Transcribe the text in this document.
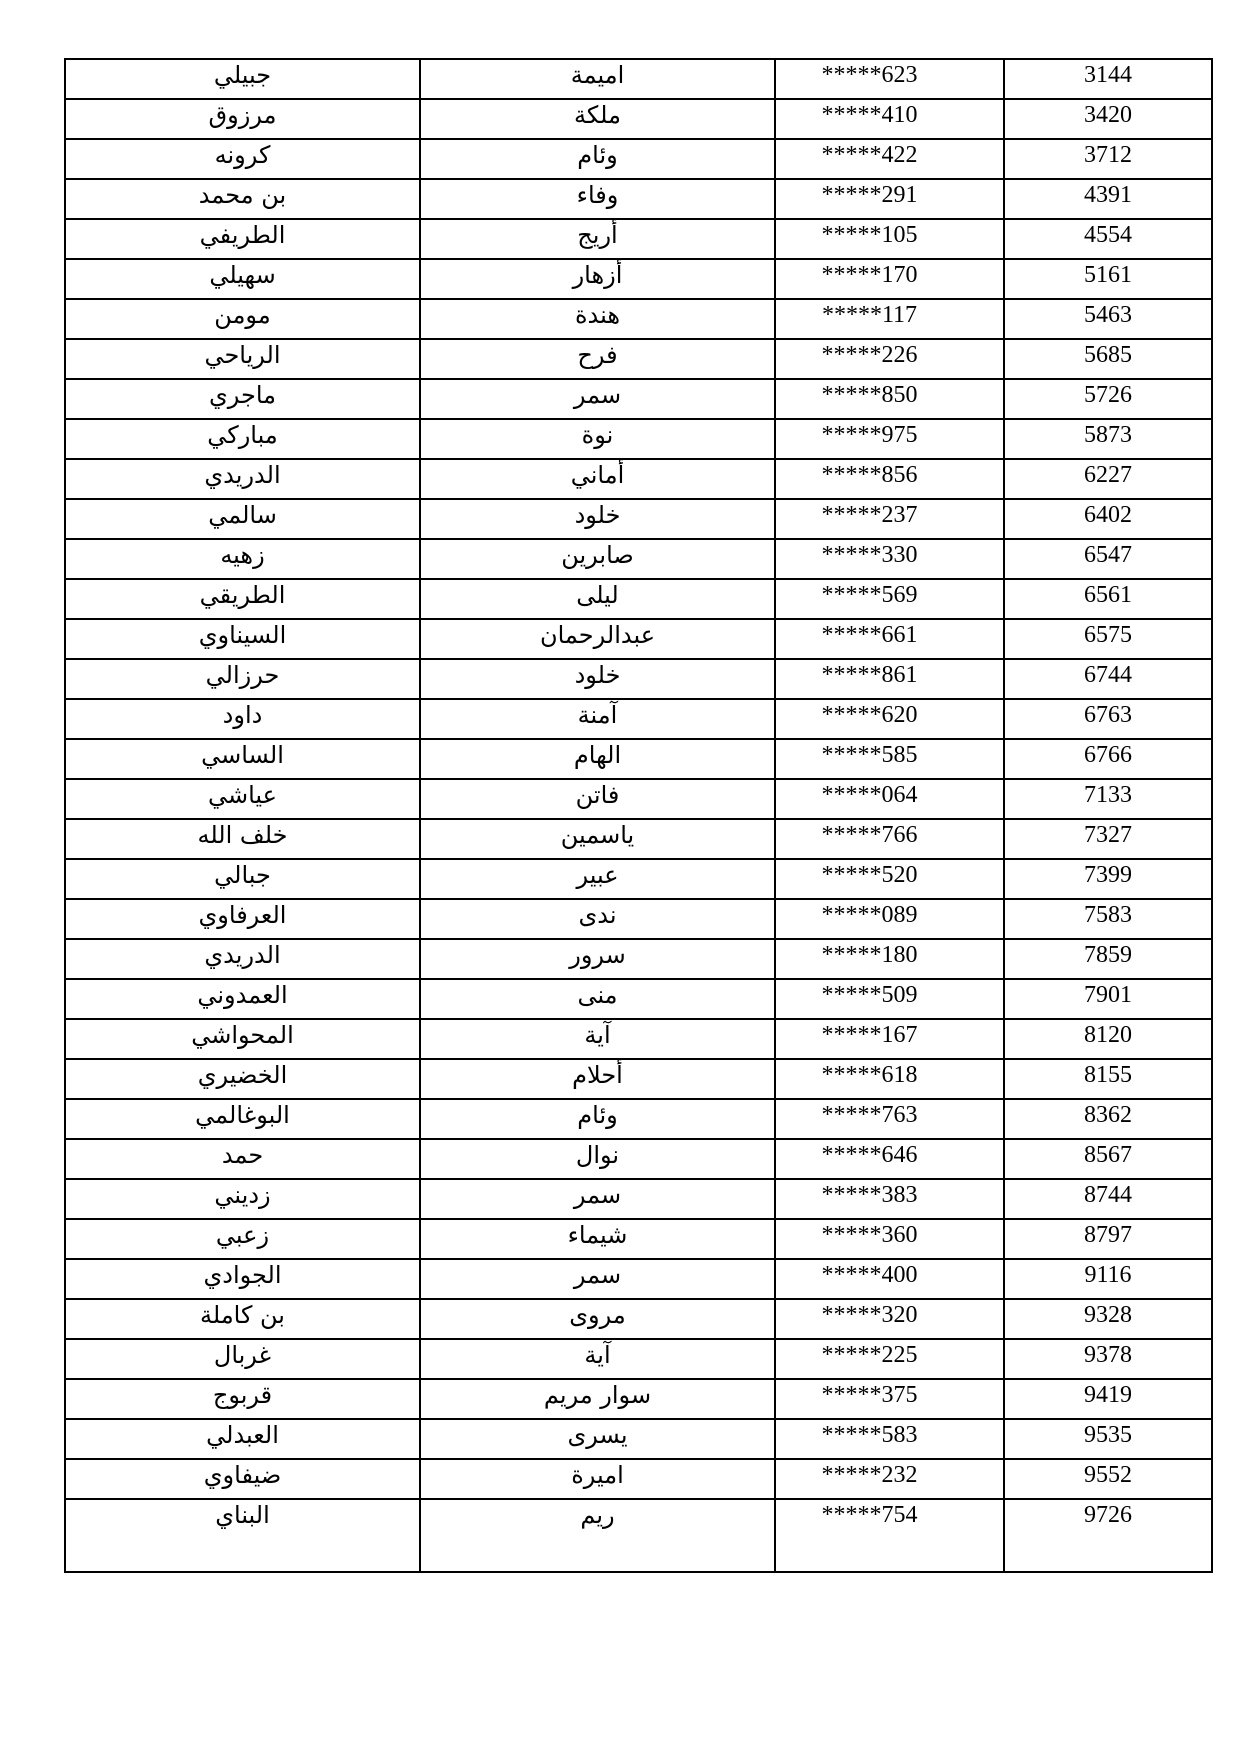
جبيلي	اميمة	*****623	3144
مرزوق	ملكة	*****410	3420
كرونه	وئام	*****422	3712
بن محمد	وفاء	*****291	4391
الطريفي	أريج	*****105	4554
سهيلي	أزهار	*****170	5161
مومن	هندة	*****117	5463
الرياحي	فرح	*****226	5685
ماجري	سمر	*****850	5726
مباركي	نوة	*****975	5873
الدريدي	أماني	*****856	6227
سالمي	خلود	*****237	6402
زهيه	صابرين	*****330	6547
الطريقي	ليلى	*****569	6561
السيناوي	عبدالرحمان	*****661	6575
حرزالي	خلود	*****861	6744
داود	آمنة	*****620	6763
الساسي	الهام	*****585	6766
عياشي	فاتن	*****064	7133
خلف الله	ياسمين	*****766	7327
جبالي	عبير	*****520	7399
العرفاوي	ندى	*****089	7583
الدريدي	سرور	*****180	7859
العمدوني	منى	*****509	7901
المحواشي	آية	*****167	8120
الخضيري	أحلام	*****618	8155
البوغالمي	وئام	*****763	8362
حمد	نوال	*****646	8567
زديني	سمر	*****383	8744
زعبي	شيماء	*****360	8797
الجوادي	سمر	*****400	9116
بن كاملة	مروى	*****320	9328
غربال	آية	*****225	9378
قربوج	سوار مريم	*****375	9419
العبدلي	يسرى	*****583	9535
ضيفاوي	اميرة	*****232	9552
البناي	ريم	*****754	9726
